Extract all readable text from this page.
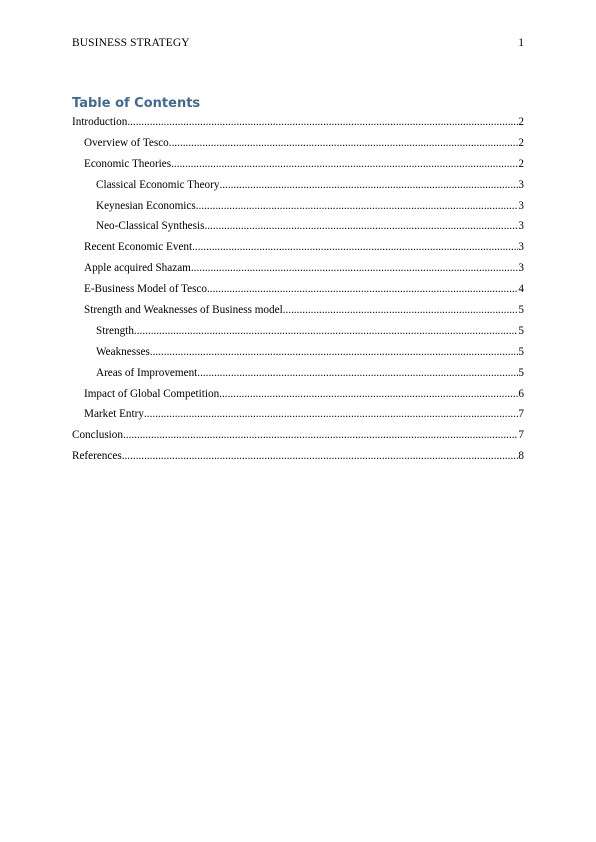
BUSINESS STRATEGY	1
Table of Contents
Introduction .....	2
Overview of Tesco .....	2
Economic Theories .....	2
Classical Economic Theory .....	3
Keynesian Economics .....	3
Neo-Classical Synthesis .....	3
Recent Economic Event .....	3
Apple acquired Shazam .....	3
E-Business Model of Tesco .....	4
Strength and Weaknesses of Business model .....	5
Strength .....	5
Weaknesses .....	5
Areas of Improvement .....	5
Impact of Global Competition .....	6
Market Entry .....	7
Conclusion .....	7
References .....	8
